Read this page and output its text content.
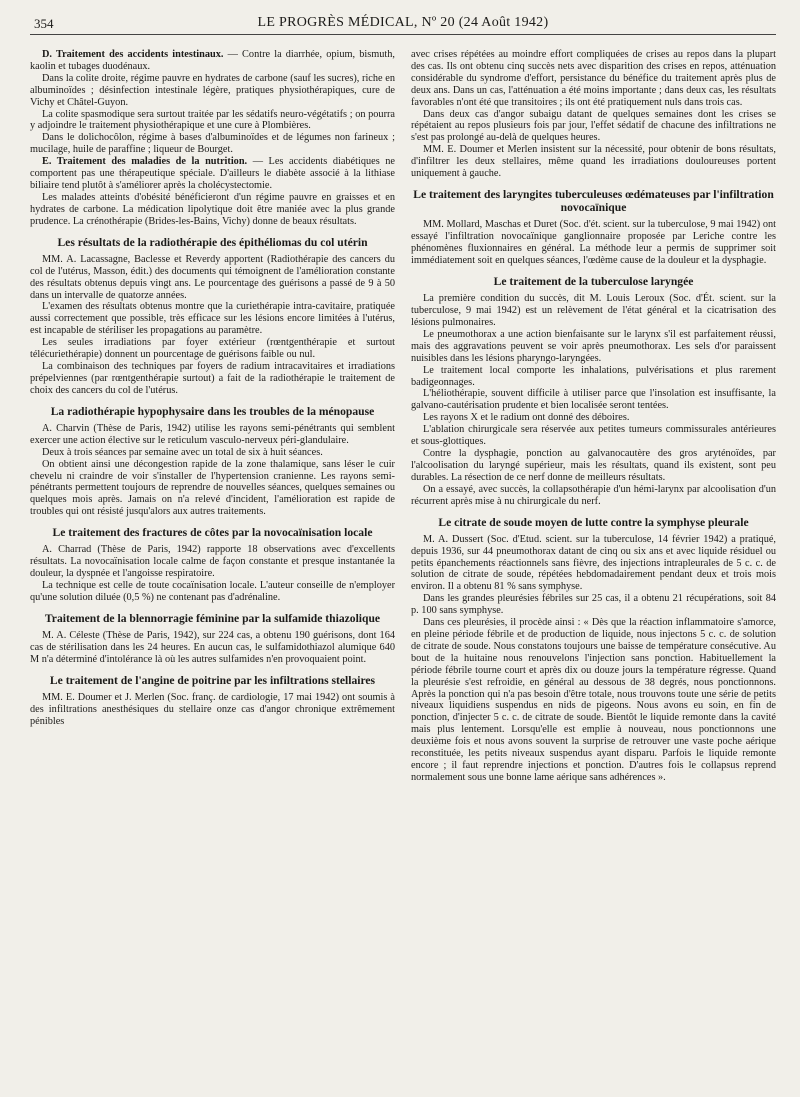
354	LE PROGRÈS MÉDICAL, Nº 20 (24 Août 1942)

D. Traitement des accidents intestinaux. — Contre la diarrhée, opium, bismuth, kaolin et tubages duodénaux.

Dans la colite droite, régime pauvre en hydrates de carbone (sauf les sucres), riche en albuminoïdes ; désinfection intestinale légère, pratiques physiothérapiques, cure de Vichy et Châtel-Guyon.

La colite spasmodique sera surtout traitée par les sédatifs neuro-végétatifs ; on pourra y adjoindre le traitement physiothérapique et une cure à Plombières.

Dans le dolichocôlon, régime à bases d'albuminoïdes et de légumes non farineux ; mucilage, huile de paraffine ; liqueur de Bourget.

E. Traitement des maladies de la nutrition. — Les accidents diabétiques ne comportent pas une thérapeutique spéciale. D'ailleurs le diabète associé à la lithiase biliaire tend plutôt à s'améliorer après la cholécystectomie.

Les malades atteints d'obésité bénéficieront d'un régime pauvre en graisses et en hydrates de carbone. La médication lipolytique doit être maniée avec la plus grande prudence. La crénothérapie (Brides-les-Bains, Vichy) donne de beaux résultats.

Les résultats de la radiothérapie des épithéliomas du col utérin

MM. A. Lacassagne, Baclesse et Reverdy apportent (Radiothérapie des cancers du col de l'utérus, Masson, édit.) des documents qui témoignent de l'amélioration constante des résultats obtenus depuis vingt ans. Le pourcentage des guérisons a passé de 9 à 50 dans un intervalle de quatorze années.

L'examen des résultats obtenus montre que la curiethérapie intra-cavitaire, pratiquée aussi correctement que possible, très efficace sur les lésions encore limitées à l'utérus, est incapable de stériliser les propagations au paramètre.

Les seules irradiations par foyer extérieur (rœntgenthérapie et surtout télécuriethérapie) donnent un pourcentage de guérisons faible ou nul.

La combinaison des techniques par foyers de radium intracavitaires et irradiations prépelviennes (par rœntgenthérapie surtout) a fait de la radiothérapie le traitement de choix des cancers du col de l'utérus.

La radiothérapie hypophysaire dans les troubles de la ménopause

A. Charvin (Thèse de Paris, 1942) utilise les rayons semi-pénétrants qui semblent exercer une action élective sur le reticulum vasculo-nerveux péri-glandulaire.

Deux à trois séances par semaine avec un total de six à huit séances.

On obtient ainsi une décongestion rapide de la zone thalamique, sans léser le cuir chevelu ni craindre de voir s'installer de l'hypertension cranienne. Les rayons semi-pénétrants permettent toujours de reprendre de nouvelles séances, quelques semaines ou quelques mois après. Jamais on n'a relevé d'incident, l'amélioration est rapide de troubles qui ont résisté jusqu'alors aux autres traitements.

Le traitement des fractures de côtes par la novocaïnisation locale

A. Charrad (Thèse de Paris, 1942) rapporte 18 observations avec d'excellents résultats. La novocaïnisation locale calme de façon constante et presque instantanée la douleur, la dyspnée et l'angoisse respiratoire.

La technique est celle de toute cocaïnisation locale. L'auteur conseille de n'employer qu'une solution diluée (0,5 %) ne contenant pas d'adrénaline.

Traitement de la blennorragie féminine par la sulfamide thiazolique

M. A. Céleste (Thèse de Paris, 1942), sur 224 cas, a obtenu 190 guérisons, dont 164 cas de stérilisation dans les 24 heures. En aucun cas, le sulfamidothiazol alumique 640 M n'a déterminé d'intolérance là où les autres sulfamides n'en provoquaient point.

Le traitement de l'angine de poitrine par les infiltrations stellaires

MM. E. Doumer et J. Merlen (Soc. franç. de cardiologie, 17 mai 1942) ont soumis à des infiltrations anesthésiques du stellaire onze cas d'angor chronique extrêmement pénibles

avec crises répétées au moindre effort compliquées de crises au repos dans la plupart des cas. Ils ont obtenu cinq succès nets avec disparition des crises en repos, atténuation considérable du syndrome d'effort, persistance du bénéfice du traitement après plus de deux ans. Dans un cas, l'atténuation a été moins importante ; dans deux cas, les résultats favorables n'ont été que transitoires ; ils ont été pratiquement nuls dans trois cas.

Dans deux cas d'angor subaigu datant de quelques semaines dont les crises se répétaient au repos plusieurs fois par jour, l'effet sédatif de chacune des infiltrations ne s'est pas prolongé au-delà de quelques heures.

MM. E. Doumer et Merlen insistent sur la nécessité, pour obtenir de bons résultats, d'infiltrer les deux stellaires, même quand les irradiations douloureuses portent uniquement à gauche.

Le traitement des laryngites tuberculeuses œdémateuses par l'infiltration novocaïnique

MM. Mollard, Maschas et Duret (Soc. d'ét. scient. sur la tuberculose, 9 mai 1942) ont essayé l'infiltration novocaïnique ganglionnaire proposée par Leriche contre les phénomènes fluxionnaires en général. La méthode leur a permis de supprimer soit immédiatement soit en quelques séances, l'œdème cause de la douleur et la dysphagie.

Le traitement de la tuberculose laryngée

La première condition du succès, dit M. Louis Leroux (Soc. d'Ét. scient. sur la tuberculose, 9 mai 1942) est un relèvement de l'état général et la cicatrisation des lésions pulmonaires.

Le pneumothorax a une action bienfaisante sur le larynx s'il est parfaitement réussi, mais des aggravations peuvent se voir après pneumothorax. Les sels d'or paraissent nuisibles dans les lésions pharyngo-laryngées.

Le traitement local comporte les inhalations, pulvérisations et plus rarement badigeonnages.

L'héliothérapie, souvent difficile à utiliser parce que l'insolation est insuffisante, la galvano-cautérisation prudente et bien localisée seront tentées.

Les rayons X et le radium ont donné des déboires.

L'ablation chirurgicale sera réservée aux petites tumeurs commissurales antérieures et sous-glottiques.

Contre la dysphagie, ponction au galvanocautère des gros aryténoïdes, par l'alcoolisation du laryngé supérieur, mais les résultats, quand ils existent, sont peu durables. La résection de ce nerf donne de meilleurs résultats.

On a essayé, avec succès, la collapsothérapie d'un hémi-larynx par alcoolisation d'un récurrent après mise à nu chirurgicale du nerf.

Le citrate de soude moyen de lutte contre la symphyse pleurale

M. A. Dussert (Soc. d'Etud. scient. sur la tuberculose, 14 février 1942) a pratiqué, depuis 1936, sur 44 pneumothorax datant de cinq ou six ans et avec liquide résiduel ou petits épanchements réactionnels sans fièvre, des injections intrapleurales de 5 c. c. de solution de citrate de soude, répétées hebdomadairement pendant deux et trois mois environ. Il a obtenu 81 % sans symphyse.

Dans les grandes pleurésies fébriles sur 25 cas, il a obtenu 21 récupérations, soit 84 p. 100 sans symphyse.

Dans ces pleurésies, il procède ainsi : « Dès que la réaction inflammatoire s'amorce, en pleine période fébrile et de production de liquide, nous injectons 5 c. c. de solution de citrate de soude. Nous constatons toujours une baisse de température consécutive. Au bout de la huitaine nous renouvelons l'injection sans ponction. Habituellement la période fébrile tourne court et après dix ou douze jours la température régresse. Quand la pleurésie s'est refroidie, en général au dessous de 38 degrés, nous ponctionnons. Après la ponction qui n'a pas besoin d'être totale, nous trouvons toute une série de petits niveaux liquidiens suspendus en nids de pigeons. Nous avons eu soin, en fin de ponction, d'injecter 5 c. c. de citrate de soude. Bientôt le liquide remonte dans la cavité mais plus lentement. Lorsqu'elle est emplie à nouveau, nous ponctionnons une deuxième fois et nous avons souvent la surprise de retrouver une vaste poche aérique reconstituée, les petits niveaux suspendus ayant disparu. Parfois le liquide remonte encore ; il faut reprendre injections et ponction. D'autres fois le collapsus reprend normalement sous une bonne lame aérique sans adhérences ».
